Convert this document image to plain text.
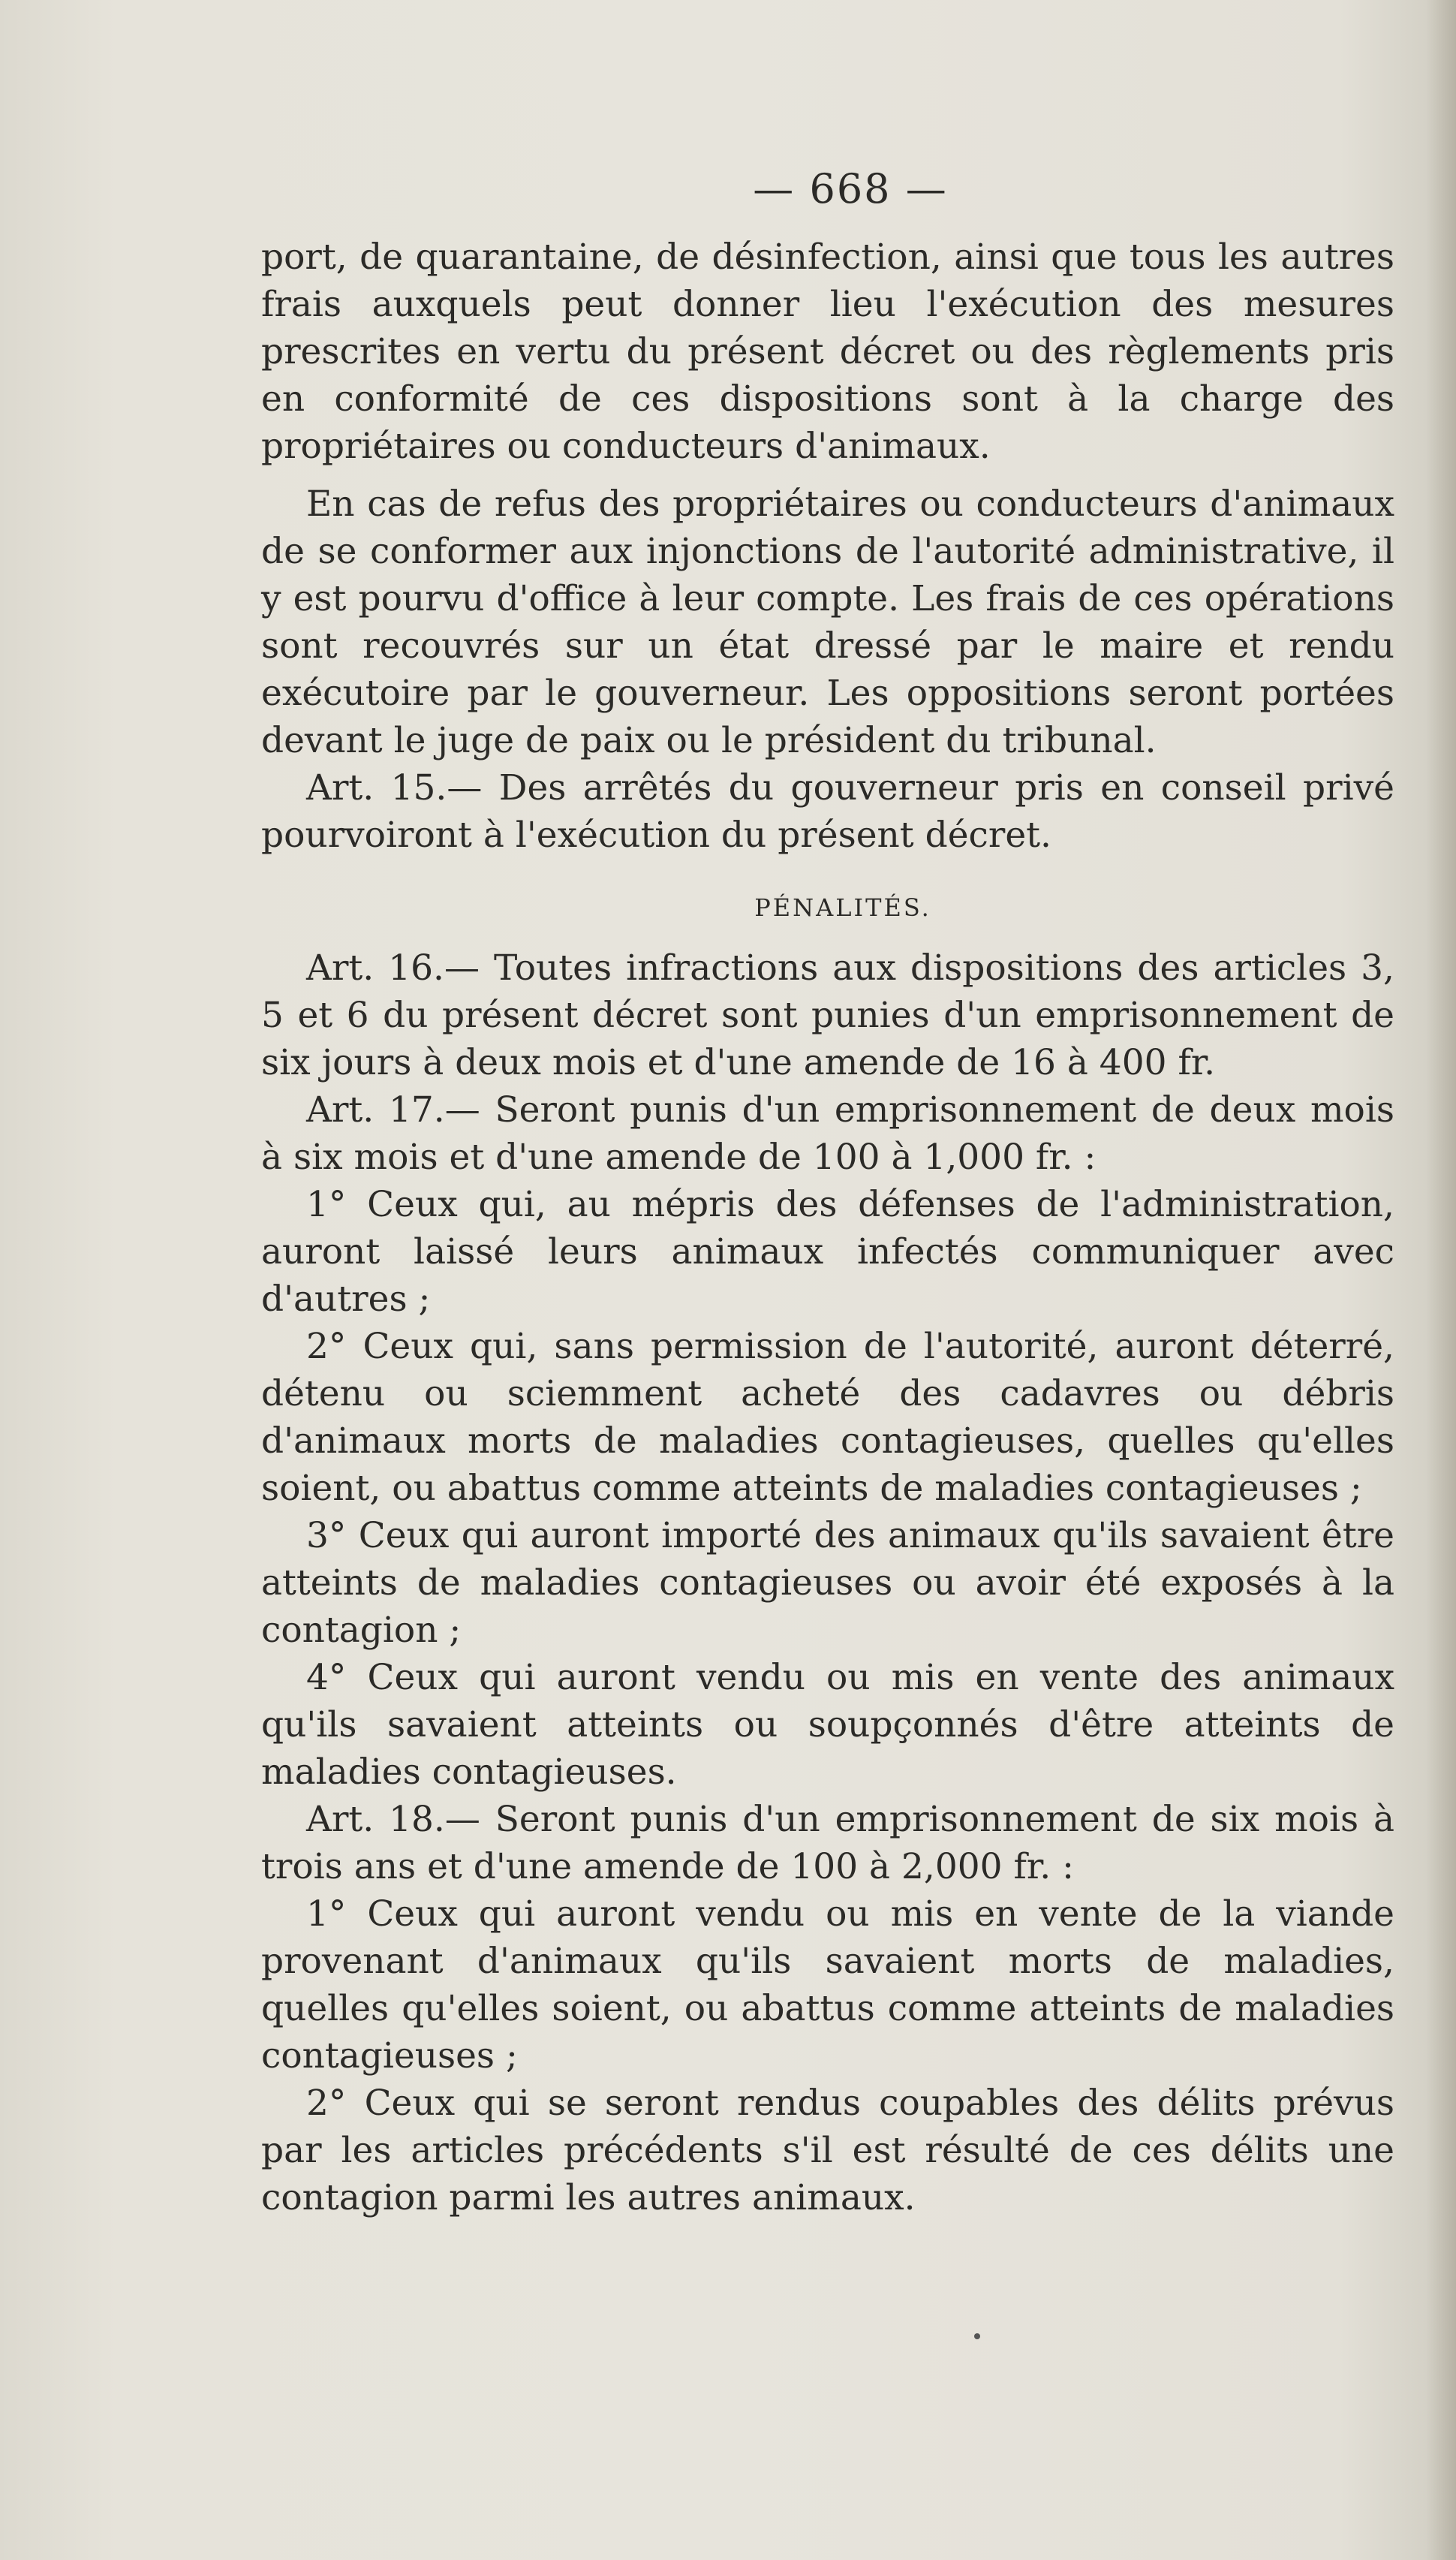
— 668 —

port, de quarantaine, de désinfection, ainsi que tous les autres frais auxquels peut donner lieu l'exécution des mesures prescrites en vertu du présent décret ou des règlements pris en conformité de ces dispositions sont à la charge des propriétaires ou conducteurs d'animaux.

En cas de refus des propriétaires ou conducteurs d'animaux de se conformer aux injonctions de l'autorité administrative, il y est pourvu d'office à leur compte. Les frais de ces opérations sont recouvrés sur un état dressé par le maire et rendu exécutoire par le gouverneur. Les oppositions seront portées devant le juge de paix ou le président du tribunal.

Art. 15.— Des arrêtés du gouverneur pris en conseil privé pourvoiront à l'exécution du présent décret.

PÉNALITÉS.

Art. 16.— Toutes infractions aux dispositions des articles 3, 5 et 6 du présent décret sont punies d'un emprisonnement de six jours à deux mois et d'une amende de 16 à 400 fr.

Art. 17.— Seront punis d'un emprisonnement de deux mois à six mois et d'une amende de 100 à 1,000 fr. :

1° Ceux qui, au mépris des défenses de l'administration, auront laissé leurs animaux infectés communiquer avec d'autres ;

2° Ceux qui, sans permission de l'autorité, auront déterré, détenu ou sciemment acheté des cadavres ou débris d'animaux morts de maladies contagieuses, quelles qu'elles soient, ou abattus comme atteints de maladies contagieuses ;

3° Ceux qui auront importé des animaux qu'ils savaient être atteints de maladies contagieuses ou avoir été exposés à la contagion ;

4° Ceux qui auront vendu ou mis en vente des animaux qu'ils savaient atteints ou soupçonnés d'être atteints de maladies contagieuses.

Art. 18.— Seront punis d'un emprisonnement de six mois à trois ans et d'une amende de 100 à 2,000 fr. :

1° Ceux qui auront vendu ou mis en vente de la viande provenant d'animaux qu'ils savaient morts de maladies, quelles qu'elles soient, ou abattus comme atteints de maladies contagieuses ;

2° Ceux qui se seront rendus coupables des délits prévus par les articles précédents s'il est résulté de ces délits une contagion parmi les autres animaux.
